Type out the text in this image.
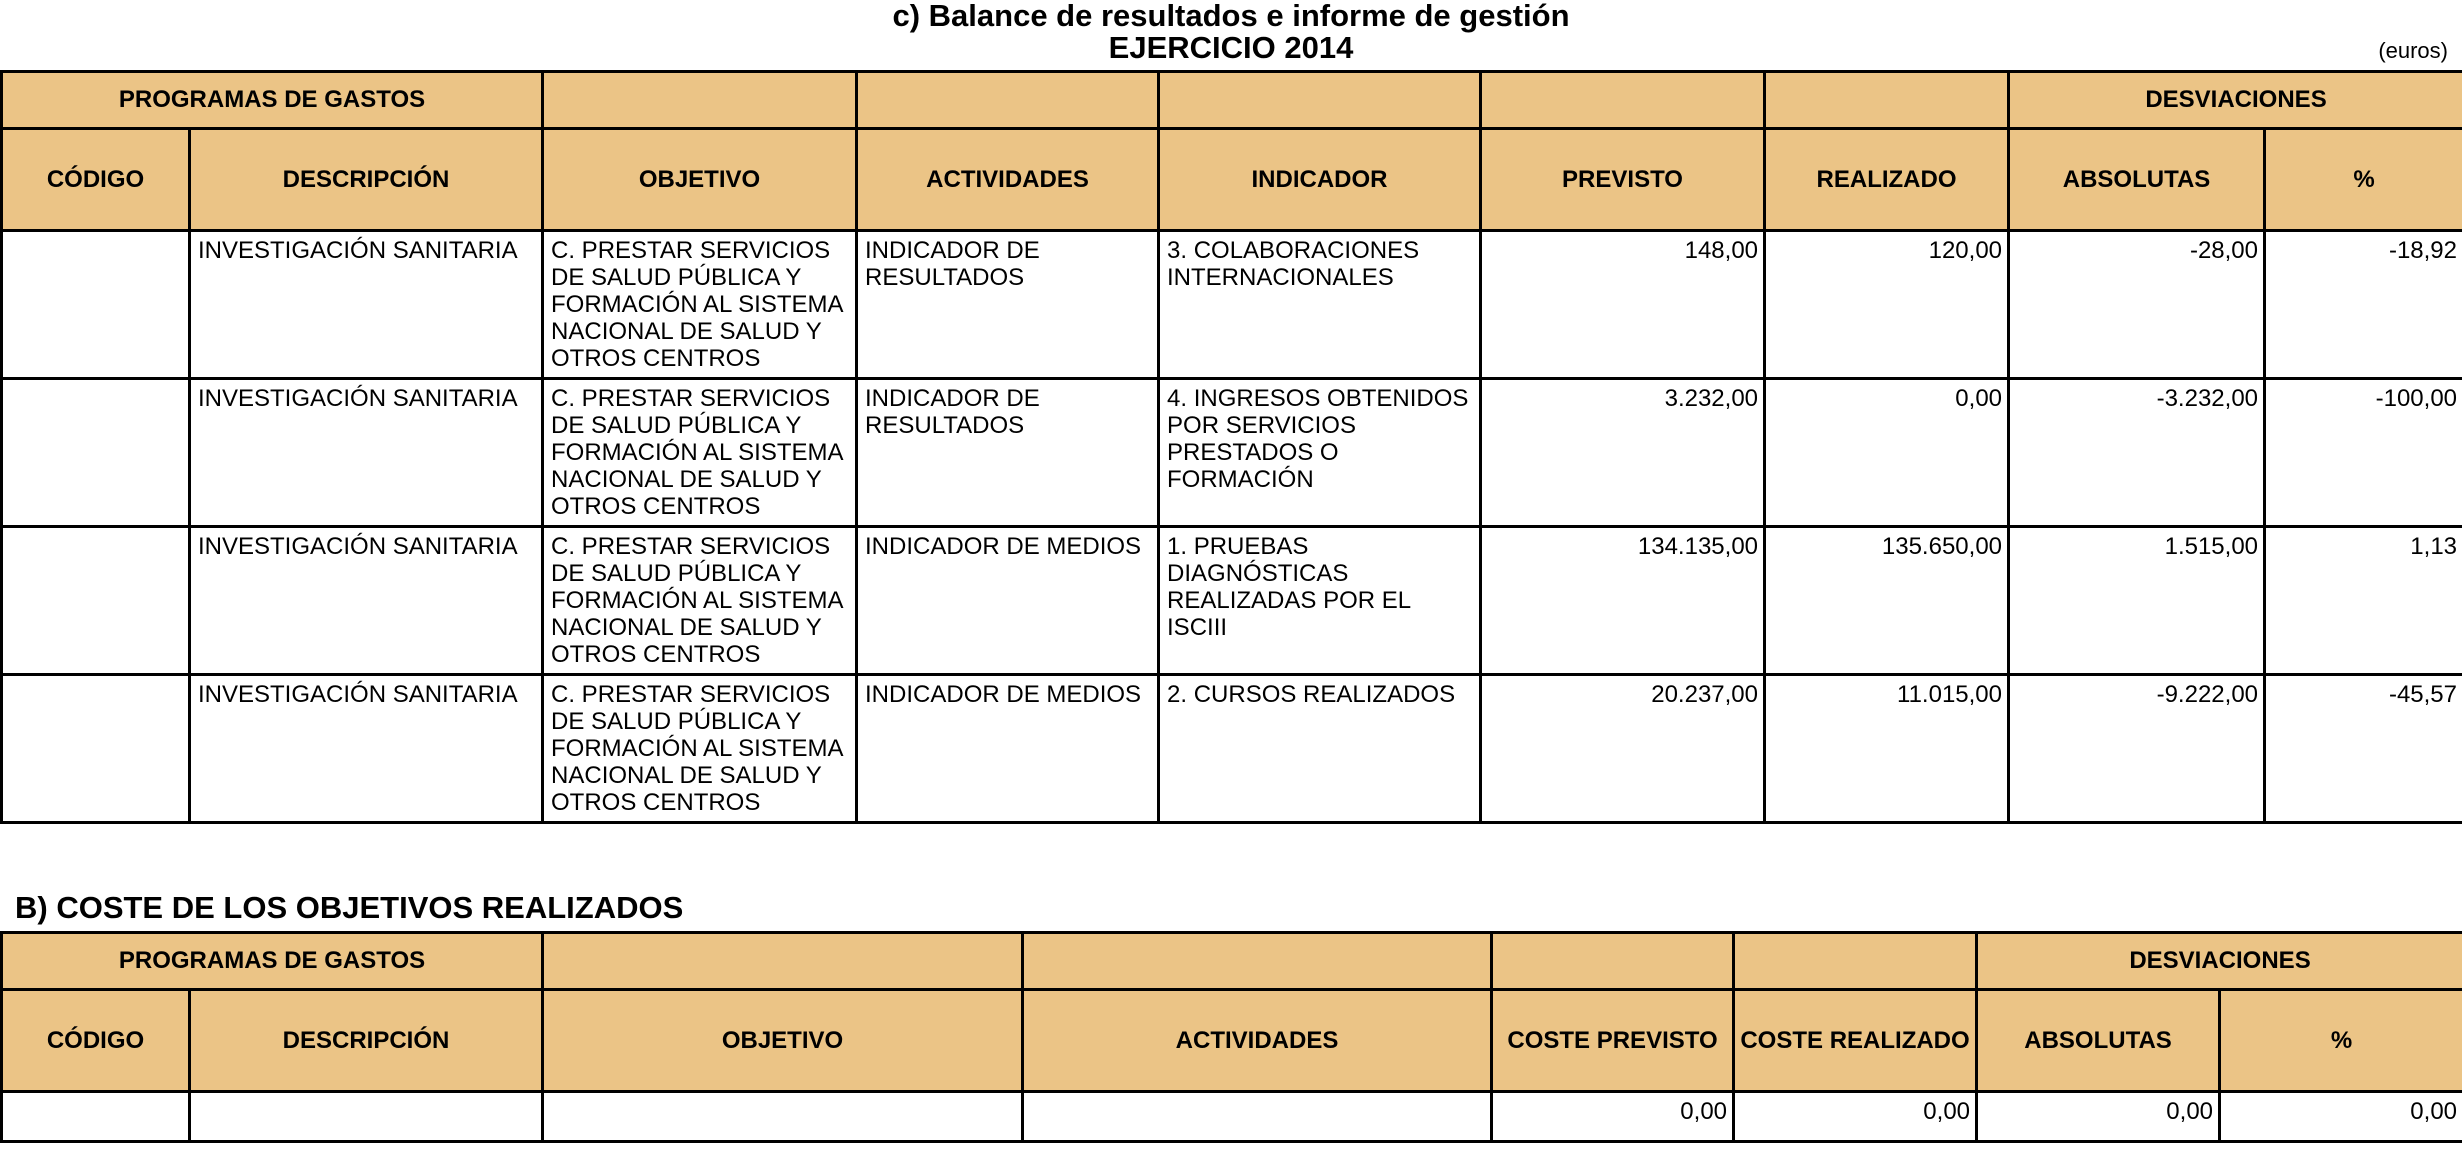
c) Balance de resultados e informe de gestión
EJERCICIO 2014	(euros)
PROGRAMAS DE GASTOS							DESVIACIONES	
CÓDIGO	DESCRIPCIÓN	OBJETIVO	ACTIVIDADES	INDICADOR	PREVISTO	REALIZADO	ABSOLUTAS	%
	INVESTIGACIÓN SANITARIA	C. PRESTAR SERVICIOS DE SALUD PÚBLICA Y FORMACIÓN AL SISTEMA NACIONAL DE SALUD Y OTROS CENTROS	INDICADOR DE RESULTADOS	3. COLABORACIONES INTERNACIONALES	148,00	120,00	-28,00	-18,92
	INVESTIGACIÓN SANITARIA	C. PRESTAR SERVICIOS DE SALUD PÚBLICA Y FORMACIÓN AL SISTEMA NACIONAL DE SALUD Y OTROS CENTROS	INDICADOR DE RESULTADOS	4. INGRESOS OBTENIDOS POR SERVICIOS PRESTADOS O FORMACIÓN	3.232,00	0,00	-3.232,00	-100,00
	INVESTIGACIÓN SANITARIA	C. PRESTAR SERVICIOS DE SALUD PÚBLICA Y FORMACIÓN AL SISTEMA NACIONAL DE SALUD Y OTROS CENTROS	INDICADOR DE MEDIOS	1. PRUEBAS DIAGNÓSTICAS REALIZADAS POR EL ISCIII	134.135,00	135.650,00	1.515,00	1,13
	INVESTIGACIÓN SANITARIA	C. PRESTAR SERVICIOS DE SALUD PÚBLICA Y FORMACIÓN AL SISTEMA NACIONAL DE SALUD Y OTROS CENTROS	INDICADOR DE MEDIOS	2. CURSOS REALIZADOS	20.237,00	11.015,00	-9.222,00	-45,57
B) COSTE DE LOS OBJETIVOS REALIZADOS
PROGRAMAS DE GASTOS						DESVIACIONES	
CÓDIGO	DESCRIPCIÓN	OBJETIVO	ACTIVIDADES	COSTE PREVISTO	COSTE REALIZADO	ABSOLUTAS	%
				0,00	0,00	0,00	0,00
